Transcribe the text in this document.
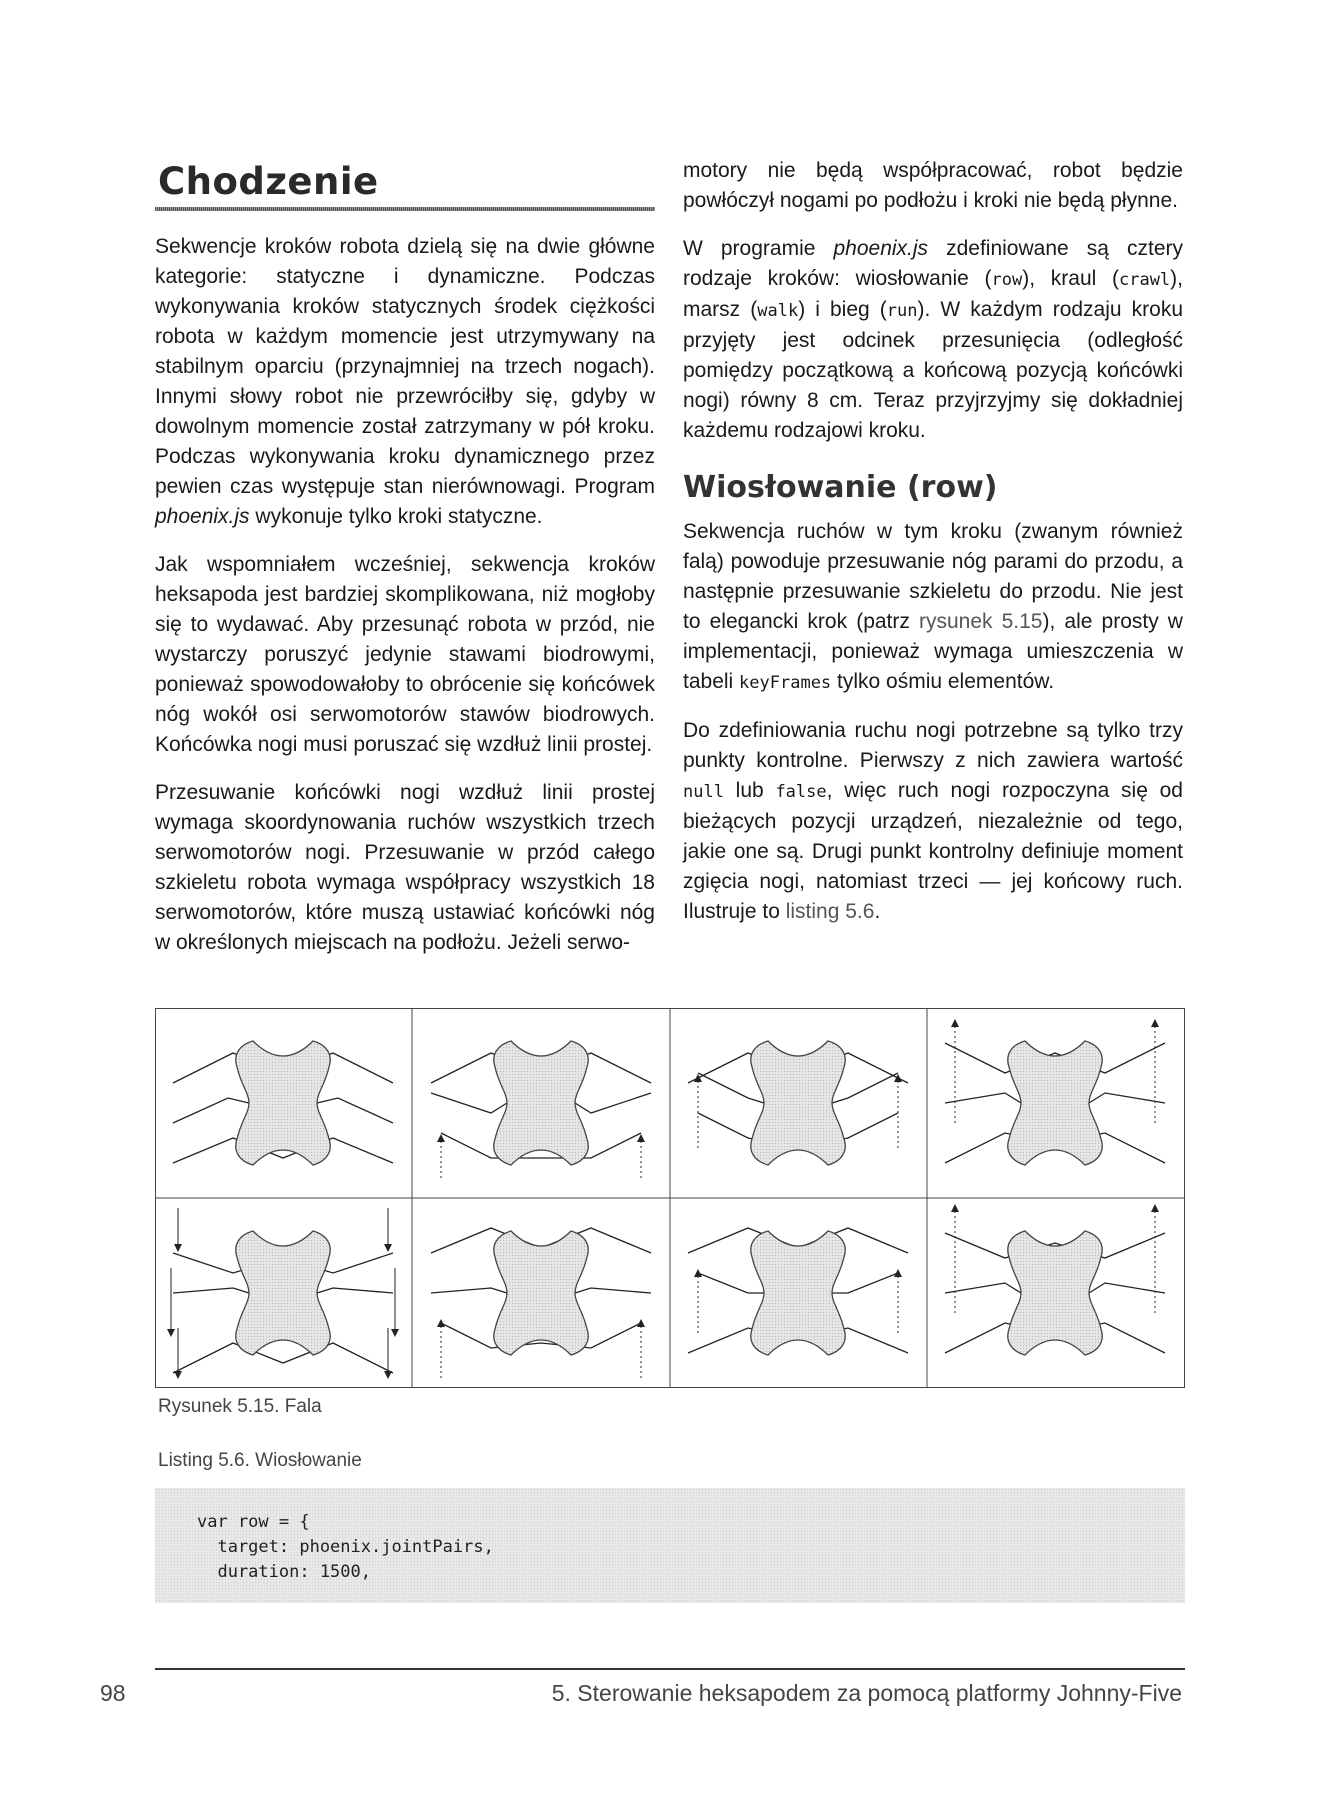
Chodzenie

Sekwencje kroków robota dzielą się na dwie główne kategorie: statyczne i dynamiczne. Podczas wykonywania kroków statycznych środek ciężkości robota w każdym momencie jest utrzymywany na stabilnym oparciu (przynajmniej na trzech nogach). Innymi słowy robot nie przewróciłby się, gdyby w dowolnym momencie został zatrzymany w pół kroku. Podczas wykonywania kroku dynamicznego przez pewien czas występuje stan nierównowagi. Program phoenix.js wykonuje tylko kroki statyczne.

Jak wspomniałem wcześniej, sekwencja kroków heksapoda jest bardziej skomplikowana, niż mogłoby się to wydawać. Aby przesunąć robota w przód, nie wystarczy poruszyć jedynie stawami biodrowymi, ponieważ spowodowałoby to obrócenie się końcówek nóg wokół osi serwomotorów stawów biodrowych. Końcówka nogi musi poruszać się wzdłuż linii prostej.

Przesuwanie końcówki nogi wzdłuż linii prostej wymaga skoordynowania ruchów wszystkich trzech serwomotorów nogi. Przesuwanie w przód całego szkieletu robota wymaga współpracy wszystkich 18 serwomotorów, które muszą ustawiać końcówki nóg w określonych miejscach na podłożu. Jeżeli serwo-

motory nie będą współpracować, robot będzie powłóczył nogami po podłożu i kroki nie będą płynne.

W programie phoenix.js zdefiniowane są cztery rodzaje kroków: wiosłowanie (row), kraul (crawl), marsz (walk) i bieg (run). W każdym rodzaju kroku przyjęty jest odcinek przesunięcia (odległość pomiędzy początkową a końcową pozycją końcówki nogi) równy 8 cm. Teraz przyjrzyjmy się dokładniej każdemu rodzajowi kroku.

Wiosłowanie (row)

Sekwencja ruchów w tym kroku (zwanym również falą) powoduje przesuwanie nóg parami do przodu, a następnie przesuwanie szkieletu do przodu. Nie jest to elegancki krok (patrz rysunek 5.15), ale prosty w implementacji, ponieważ wymaga umieszczenia w tabeli keyFrames tylko ośmiu elementów.

Do zdefiniowania ruchu nogi potrzebne są tylko trzy punkty kontrolne. Pierwszy z nich zawiera wartość null lub false, więc ruch nogi rozpoczyna się od bieżących pozycji urządzeń, niezależnie od tego, jakie one są. Drugi punkt kontrolny definiuje moment zgięcia nogi, natomiast trzeci — jej końcowy ruch. Ilustruje to listing 5.6.

Rysunek 5.15. Fala
Listing 5.6. Wiosłowanie
var row = {
target: phoenix.jointPairs,
duration: 1500,
98	5. Sterowanie heksapodem za pomocą platformy Johnny-Five
